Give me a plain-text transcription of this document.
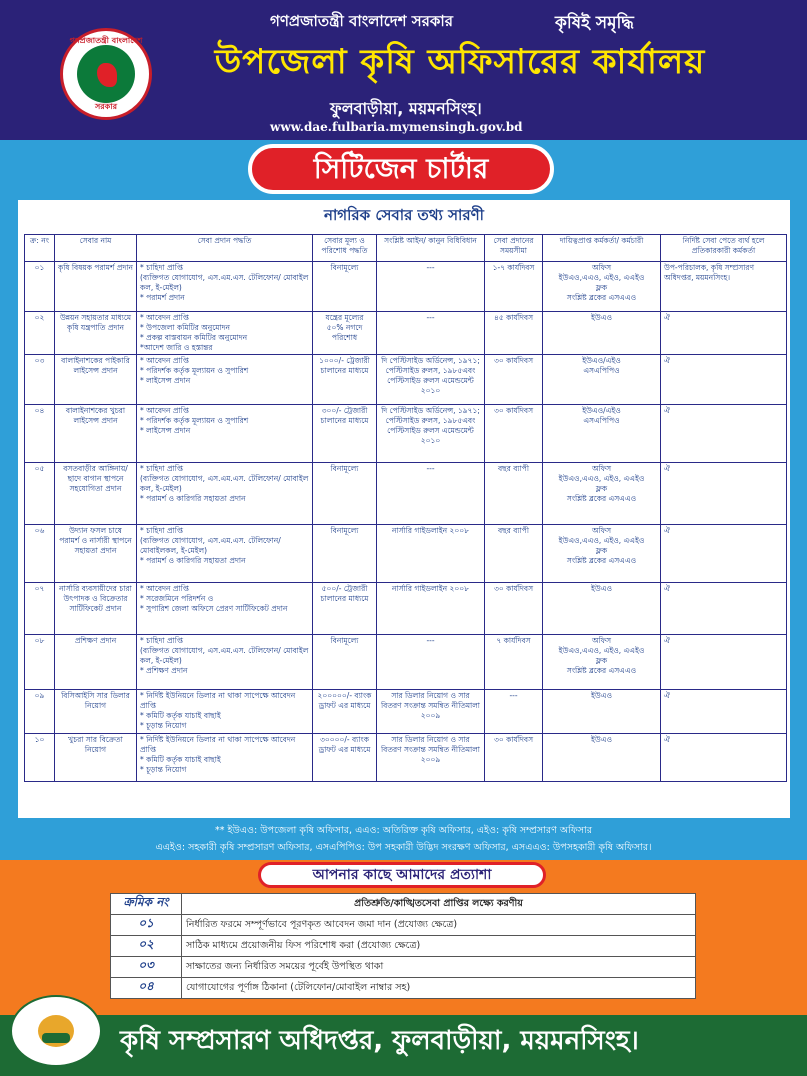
গণপ্রজাতন্ত্রী বাংলাদেশ
সরকার
গণপ্রজাতন্ত্রী বাংলাদেশ সরকার	কৃষিই সমৃদ্ধি
উপজেলা কৃষি অফিসারের কার্যালয়
ফুলবাড়ীয়া, ময়মনসিংহ।
www.dae.fulbaria.mymensingh.gov.bd
সিটিজেন চার্টার
নাগরিক সেবার তথ্য সারণী
ক্র: নং	সেবার নাম	সেবা প্রদান পদ্ধতি	সেবার মূল্য ও পরিশোধ পদ্ধতি	সংশ্লিষ্ট আইন/ কানুন বিধিবিধান	সেবা প্রদানের সময়সীমা	দায়িত্বপ্রাপ্ত কর্মকর্তা/ কর্মচারী	নির্দিষ্ট সেবা পেতে ব্যর্থ হলে প্রতিকারকারী কর্মকর্তা
০১	কৃষি বিষয়ক পরামর্শ প্রদান	* চাহিদা প্রাপ্তি
(ব্যক্তিগত যোগাযোগ, এস.এম.এস. টেলিফোন/ মোবাইল কল, ই-মেইল)
* পরামর্শ প্রদান	বিনামূল্যে	---	১-৭ কার্যদিবস	অফিস
ইউএও,এএও, এইও, এএইও
ফ্লক
সংশ্লিষ্ট ব্লকের এসএএও	উপ-পরিচালক, কৃষি সম্প্রসারণ অধিদপ্তর, ময়মনসিংহ।
০২	উন্নয়ন সহায়তার মাধ্যমে কৃষি যন্ত্রপাতি প্রদান	* আবেদন প্রাপ্তি
* উপজেলা কমিটির অনুমোদন
* প্রকল্প বাস্তবায়ন কমিটির অনুমোদন
*আদেশ জারি ও হস্তান্তর	যন্ত্রের মূল্যের ৫০% নগদে পরিশোধ	---	৪৫ কার্যদিবস	ইউএও	ঐ
০৩	বালাইনাশকের পাইকারি লাইসেন্স প্রদান	* আবেদন প্রাপ্তি
* পরিদর্শক কর্তৃক মূল্যায়ন ও সুপারিশ
* লাইসেন্স প্রদান	১০০০/- ট্রেজারী চালানের মাধ্যমে	দি পেস্টিসাইড অর্ডিনেন্স, ১৯৭১; পেস্টিসাইড রুলস, ১৯৮৫এবং পেস্টিসাইড রুলস এমেন্ডমেন্ট ২০১০	৩০ কার্যদিবস	ইউএও/এইও
এসএপিপিও	ঐ
০৪	বালাইনাশকের খুচরা লাইসেন্স প্রদান	* আবেদন প্রাপ্তি
* পরিদর্শক কর্তৃক মূল্যায়ন ও সুপারিশ
* লাইসেন্স প্রদান	৩০০/- ট্রেজারী চালানের মাধ্যমে	দি পেস্টিসাইড অর্ডিনেন্স, ১৯৭১; পেস্টিসাইড রুলস, ১৯৮৫এবং পেস্টিসাইড রুলস এমেন্ডমেন্ট ২০১০	৩০ কার্যদিবস	ইউএও/এইও
এসএপিপিও	ঐ
০৫	বসতবাড়ীর আঙ্গিনায়/ ছাদে বাগান স্থাপনে সহযোগিতা প্রদান	* চাহিদা প্রাপ্তি
(ব্যক্তিগত যোগাযোগ, এস.এম.এস. টেলিফোন/ মোবাইল কল, ই-মেইল)
* পরামর্শ ও কারিগরি সহায়তা প্রদান	বিনামূল্যে	---	বছর ব্যাপী	অফিস
ইউএও,এএও, এইও, এএইও
ফ্লক
সংশ্লিষ্ট ব্লকের এসএএও	ঐ
০৬	উদ্যান ফসল চাষে পরামর্শ ও নার্সারী স্থাপনে সহায়তা প্রদান	* চাহিদা প্রাপ্তি
(ব্যক্তিগত যোগাযোগ, এস.এম.এস. টেলিফোন/ মোবাইলকল, ই-মেইল)
* পরামর্শ ও কারিগরি সহায়তা প্রদান	বিনামূল্যে	নার্সারি গাইডলাইন ২০০৮	বছর ব্যাপী	অফিস
ইউএও,এএও, এইও, এএইও
ফ্লক
সংশ্লিষ্ট ব্লকের এসএএও	ঐ
০৭	নার্সারি ব্যবসায়ীদের চারা উৎপাদক ও বিক্রেতার সার্টিফিকেট প্রদান	* আবেদন প্রাপ্তি
* সরেজমিনে পরিদর্শন ও
* সুপারিশ জেলা অফিসে প্রেরণ সার্টিফিকেট প্রদান	৫০০/- ট্রেজারী চালানের মাধ্যমে	নার্সারি গাইডলাইন ২০০৮	৩০ কার্যদিবস	ইউএও	ঐ
০৮	প্রশিক্ষণ প্রদান	* চাহিদা প্রাপ্তি
(ব্যক্তিগত যোগাযোগ, এস.এম.এস. টেলিফোন/ মোবাইল কল, ই-মেইল)
* প্রশিক্ষণ প্রদান	বিনামূল্যে	---	৭ কার্যদিবস	অফিস
ইউএও,এএও, এইও, এএইও
ফ্লক
সংশ্লিষ্ট ব্লকের এসএএও	ঐ
০৯	বিসিআইসি সার ডিলার নিয়োগ	* নির্দিষ্ট ইউনিয়নে ডিলার না থাকা সাপেক্ষে আবেদন প্রাপ্তি
* কমিটি কর্তৃক যাচাই বাছাই
* চূড়ান্ত নিয়োগ	২০০০০০/- ব্যাংক ড্রাফট এর মাধ্যমে	সার ডিলার নিয়োগ ও সার বিতরণ সংক্রান্ত সমন্বিত নীতিমালা ২০০৯	---	ইউএও	ঐ
১০	খুচরা সার বিক্রেতা নিয়োগ	* নির্দিষ্ট ইউনিয়নে ডিলার না থাকা সাপেক্ষে আবেদন প্রাপ্তি
* কমিটি কর্তৃক যাচাই বাছাই
* চূড়ান্ত নিয়োগ	৩০০০০/- ব্যাংক ড্রাফট এর মাধ্যমে	সার ডিলার নিয়োগ ও সার বিতরণ সংক্রান্ত সমন্বিত নীতিমালা ২০০৯	৩০ কার্যদিবস	ইউএও	ঐ
** ইউএও: উপজেলা কৃষি অফিসার, এএও: অতিরিক্ত কৃষি অফিসার, এইও: কৃষি সম্প্রসারণ অফিসার
এএইও: সহকারী কৃষি সম্প্রসারণ অফিসার, এসএপিপিও: উপ সহকারী উদ্ভিদ সংরক্ষণ অফিসার, এসএএও: উপসহকারী কৃষি অফিসার।
আপনার কাছে আমাদের প্রত্যাশা
ক্রমিক নং	প্রতিশ্রুতি/কাঙ্খিতসেবা প্রাপ্তির লক্ষ্যে করণীয়
০১	নির্ধারিত ফরমে সম্পূর্ণভাবে পূরণকৃত আবেদন জমা দান (প্রযোজ্য ক্ষেত্রে)
০২	সাঠিক মাধ্যমে প্রয়োজনীয় ফিস পরিশোধ করা (প্রযোজ্য ক্ষেত্রে)
০৩	সাক্ষাতের জন্য নির্ধারিত সময়ের পূর্বেই উপস্থিত থাকা
০৪	যোগাযোগের পূর্ণাঙ্গ ঠিকানা (টেলিফোন/মোবাইল নাম্বার সহ)
কৃষি সম্প্রসারণ অধিদপ্তর, ফুলবাড়ীয়া, ময়মনসিংহ।
